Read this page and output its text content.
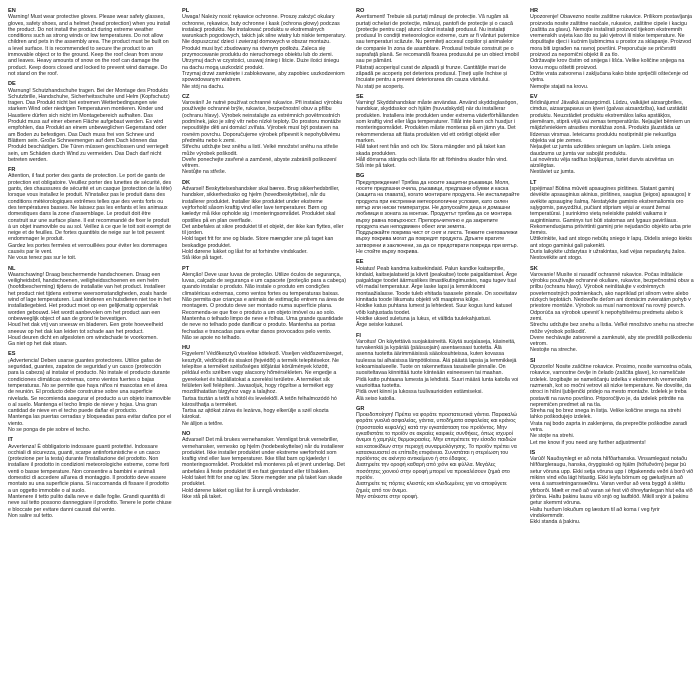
EN

Warning! Must wear protective gloves. Please wear safety glasses, gloves, safety shoes, and a helmet (head protection) when you install the product. Do not install the product during extreme weather conditions such as strong winds or low temperatures. Do not allow children and pets in the assembly area. The product must be built on a level surface. It is recommended to secure the product to an immovable object or to the ground. Keep the roof clean from snow and leaves. Heavy amounts of snow on the roof can damage the product. Keep doors closed and locked to prevent wind damage. Do not stand on the roof.

DE

Warnung! Schutzhandschuhe tragen. Bei der Montage des Produkts Schutzbrille, Handschuhe, Sicherheitsschuhe und Helm (Kopfschutz) tragen. Das Produkt nicht bei extremen Wetterbedingungen wie starkem Wind oder niedrigen Temperaturen montieren. Kinder und Haustiere dürfen sich nicht im Montagebereich aufhalten. Das Produkt muss auf einer ebenen Fläche aufgebaut werden. Es wird empfohlen, das Produkt an einem unbeweglichen Gegenstand oder am Boden zu befestigen. Das Dach muss frei von Schnee und Blättern sein. Große Schneemengen auf dem Dach können das Produkt beschädigen. Die Türen müssen geschlossen und verriegelt sein, um Schäden durch Wind zu vermeiden. Das Dach darf nicht betreten werden.

FR

Attention, il faut porter des gants de protection. Le port de gants de protection est obligatoire. Veuillez porter des lunettes de sécurité, des gants, des chaussures de sécurité et un casque (protection de la tête) lorsque vous installez le produit. N'installez pas le produit dans des conditions météorologiques extrêmes telles que des vents forts ou des températures basses. Ne laissez pas les enfants et les animaux domestiques dans la zone d'assemblage. Le produit doit être construit sur une surface plane. Il est recommandé de fixer le produit à un objet inamovible ou au sol. Veillez à ce que le toit soit exempt de neige et de feuilles. De fortes quantités de neige sur le toit peuvent endommager le produit.
Gardez les portes fermées et verrouillées pour éviter les dommages causés par le vent.
Ne vous tenez pas sur le toit.

NL

Waarschuwing! Draag beschermende handschoenen. Draag een veiligheidsbril, handschoenen, veiligheidsschoenen en een helm (hoofdbescherming) tijdens de installatie van het product. Installeer het product niet tijdens extreme weersomstandigheden, zoals harde wind of lage temperaturen. Laat kinderen en huisdieren niet toe in het installatiegebied. Het product moet op een gelijkmatig oppervlak worden gebouwd. Het wordt aanbevolen om het product aan een onbeweeglijk object of aan de grond te bevestigen.
Houd het dak vrij van sneeuw en bladeren. Een grote hoeveelheid sneeuw op het dak kan leiden tot schade aan het product.
Houd deuren dicht en afgesloten om windschade te voorkomen.
Ga niet op het dak staan.

ES

¡Advertencia! Deben usarse guantes protectores. Utilice gafas de seguridad, guantes, zapatos de seguridad y un casco (protección para la cabeza) al instalar el producto. No instale el producto durante condiciones climáticas extremas, como vientos fuertes o bajas temperaturas. No se permite que haya niños ni mascotas en el área de reunión. El producto debe construirse sobre una superficie nivelada. Se recomienda asegurar el producto a un objeto inamovible o al suelo. Mantenga el techo limpio de nieve y hojas. Una gran cantidad de nieve en el techo puede dañar el producto.
Mantenga las puertas cerradas y bloqueadas para evitar daños por el viento.
No se ponga de pie sobre el techo.

IT

Avvertenza! È obbligatorio indossare guanti protettivi. Indossare occhiali di sicurezza, guanti, scarpe antinfortunistiche e un casco (protezione per la testa) durante l'installazione del prodotto. Non installare il prodotto in condizioni meteorologiche estreme, come forti venti o basse temperature. Non consentire a bambini e animali domestici di accedere all'area di montaggio. Il prodotto deve essere montato su una superficie piana. Si raccomanda di fissare il prodotto a un oggetto immobile o al suolo.
Mantenere il tetto pulito dalla neve e dalle foglie. Grandi quantità di neve sul tetto possono danneggiare il prodotto. Tenere le porte chiuse e bloccate per evitare danni causati dal vento.
Non salire sul tetto.

PL

Uwaga! Należy nosić rękawice ochronne. Proszę założyć okulary ochronne, rękawice, buty ochronne i kask (ochrona głowy) podczas instalacji produktu. Nie instalować produktu w ekstremalnych warunkach pogodowych, takich jak silne wiatry lub niskie temperatury. Nie dopuszczać dzieci i zwierząt domowych w obszar montażu. Produkt musi być zbudowany na równym podłożu. Zaleca się przymocowanie produktu do nieruchomego obiektu lub do ziemi.
Utrzymuj dach w czystości, usuwaj śnieg i liście. Duże ilości śniegu na dachu mogą uszkodzić produkt.
Trzymaj drzwi zamknięte i zablokowane, aby zapobiec uszkodzeniom spowodowanym wiatrem.
Nie stój na dachu.

CZ

Varování! Je nutné používat ochranné rukavice. Při instalaci výrobku používejte ochranné brýle, rukavice, bezpečnostní obuv a přilbu (ochranu hlavy). Výrobek neinstalujte za extrémních povětrnostních podmínek, jako je silný vítr nebo nízké teploty. Do prostoru montáže nepouštějte děti ani domácí zvířata. Výrobek musí být postaven na rovném povrchu. Doporučujeme výrobek připevnit k nepohyblivému předmětu nebo k zemi.
Střechu udržujte bez sněhu a listí. Velké množství sněhu na střeše může výrobek poškodit.
Dveře ponechejte zavřené a zamčené, abyste zabránili poškození větrem.
Nestůjte na střeše.

DK

Advarsel! Beskyttelseshandsker skal bæres. Brug sikkerhedsbriller, handsker, sikkerhedssko og hjelm (hovedbeskyttelse), når du installerer produktet. Installer ikke produktet under ekstreme vejrforhold såsom kraftig vind eller lave temperaturer. Børn og kæledyr må ikke opholde sig i monteringsområdet. Produktet skal opstilles på en plan overflade.
Det anbefales at sikre produktet til et objekt, der ikke kan flyttes, eller til jorden.
Hold taget frit for sne og blade. Store mængder sne på taget kan beskadige produktet.
Hold dørene lukket og låst for at forhindre vindskader.
Stå ikke på taget.

PT

Atenção! Deve usar luvas de proteção. Utilize óculos de segurança, luvas, calçado de segurança e um capacete (proteção para a cabeça) quando instalar o produto. Não instale o produto em condições climatéricas extremas, como ventos fortes ou temperaturas baixas. Não permita que crianças e animais de estimação entrem na área de montagem. O produto deve ser montado numa superfície plana. Recomenda-se que fixe o produto a um objeto imóvel ou ao solo.
Mantenha o telhado limpo de neve e folhas. Uma grande quantidade de neve no telhado pode danificar o produto. Mantenha as portas fechadas e trancadas para evitar danos provocados pelo vento.
Não se apoie no telhado.

HU

Figyelem! Védőkesztyű viselése kötelező. Viseljen védőszemüveget, kesztyűt, védőcipőt és sisakot (fejvédőt) a termék telepítésekor. Ne telepítse a terméket szélsőséges időjárási körülmények között, például erős szélben vagy alacsony hőmérsékleten. Ne engedje a gyerekeket és háziállatokat a szerelési területre. A terméket sík felületen kell felépíteni. Javasoljuk, hogy rögzítse a terméket egy mozdíthatatlan tárgyhoz vagy a talajhoz.
Tartsa tisztán a tetőt a hótól és levelektől. A tetőn felhalmozódó hó károsíthatja a terméket.
Tartsa az ajtókat zárva és lezárva, hogy elkerülje a szél okozta károkat.
Ne álljon a tetőre.

NO

Advarsel! Det må brukes vernehansker. Vennligst bruk vernebriller, vernehansker, vernesko og hjelm (hodebeskyttelse) når du installerer produktet. Ikke installer produktet under ekstreme værforhold som kraftig vind eller lave temperaturer. Ikke tillat barn og kjæledyr i monteringsområdet. Produktet må monteres på et jevnt underlag. Det anbefales å feste produktet til en fast gjenstand eller til bakken.
Hold taket fritt for snø og løv. Store mengder snø på taket kan skade produktet.
Hold dørene lukket og låst for å unngå vindskader.
Ikke stå på taket.

RO

Avertisment! Trebuie să purtați mănuși de protecție. Vă rugăm să purtați ochelari de protecție, mănuși, pantofi de protecție și o cască (protecție pentru cap) atunci când instalați produsul. Nu instalați produsul în condiții meteorologice extreme, cum ar fi vânturi puternice sau temperaturi scăzute. Nu permiteți accesul copiilor și animalelor de companie în zona de asamblare. Produsul trebuie construit pe o suprafață plană. Se recomandă fixarea produsului pe un obiect imobil sau pe pământ.
Păstrați acoperișul curat de zăpadă și frunze. Cantitățile mari de zăpadă pe acoperiș pot deteriora produsul. Țineți ușile închise și încuiate pentru a preveni deteriorarea din cauza vântului.
Nu stați pe acoperiș.

SE

Varning! Skyddshandskar måste användas. Använd skyddsglasögon, handskar, skyddsskor och hjälm (huvudskydd) när du installerar produkten. Installera inte produkten under extrema väderförhållanden som kraftig vind eller låga temperaturer. Tillåt inte barn och husdjur i monteringsområdet. Produkten måste monteras på en jämn yta. Det rekommenderas att fästa produkten vid ett orörligt objekt eller marken.
Håll taket rent från snö och löv. Stora mängder snö på taket kan skada produkten.
Håll dörrarna stängda och låsta för att förhindra skador från vind.
Stå inte på taket.

BG

Предупреждение! Трябва да носите защитни ръкавици. Моля, носете предпазни очила, ръкавици, предпазни обувки и каска (защита на главата), когато монтирате продукта. Не инсталирайте продукта при екстремни метеорологични условия, като силен вятър или ниски температури. Не допускайте деца и домашни любимци в зоната за монтаж. Продуктът трябва да се монтира върху равна повърхност. Препоръчително е да закрепите продукта към неподвижен обект или земята.
Поддържайте покрива чист от сняг и листа. Тежките снеговалежи върху покрива могат да повредят продукта. Дръжте вратите затворени и заключени, за да се предотврати повреда при вятър.
Не стойте върху покрива.

EE

Hoiatus! Peab kandma kaitsekindaid. Palun kandke kaitseprille, kindaid, kaitsejalatseid ja kiivrit (peakaitse) toote paigaldamisel. Ärge paigaldage toodet äärmuslikes ilmastikutingimustes, nagu tugev tuul või madal temperatuur. Ärge laske lapsi ja lemmikloomi montaažialasse. Toode tuleb ehitada tasasele pinnale. On soovitatav kinnitada toode liikumatu objekti või maapinna külge.
Hoidke katus puhtana lumest ja lehtedest. Suur kogus lund katusel võib kahjustada toodet.
Hoidke uksed suletuna ja lukus, et vältida tuulekahjustusi.
Ärge seiske katusel.

FI

Varoitus! On käytettävä suojakäsineitä. Käytä suojalaseja, käsineitä, turvakenkiä ja kypärää (pääsuojain) asentaessasi tuotetta. Älä asenna tuotetta äärimmäisissä sääolosuhteissa, kuten kovassa tuulessa tai alhaisissa lämpötiloissa. Älä päästä lapsia ja lemmikkejä kokoamisalueelle. Tuote on rakennettava tasaiselle pinnalle. On suositeltavaa kiinnittää tuote kiinteään esineeseen tai maahan.
Pidä katto puhtaana lumesta ja lehdistä. Suuri määrä lunta katolla voi vaurioittaa tuotetta.
Pidä ovet kiinni ja lukossa tuulivaurioiden estämiseksi.
Älä seiso katolla.

GR

Προειδοποίηση! Πρέπει να φοράτε προστατευτικά γάντια. Παρακαλώ φοράτε γυαλιά ασφαλείας, γάντια, υποδήματα ασφαλείας και κράνος (προστασία κεφαλής) κατά την εγκατάσταση του προϊόντος. Μην εγκαθιστάτε το προϊόν σε ακραίες καιρικές συνθήκες, όπως ισχυροί άνεμοι ή χαμηλές θερμοκρασίες. Μην επιτρέπετε την είσοδο παιδιών και κατοικίδιων στην περιοχή συναρμολόγησης. Το προϊόν πρέπει να κατασκευαστεί σε επίπεδη επιφάνεια. Συνιστάται η στερέωση του προϊόντος σε ακίνητο αντικείμενο ή στο έδαφος.
Διατηρείτε την οροφή καθαρή από χιόνι και φύλλα. Μεγάλες ποσότητες χιονιού στην οροφή μπορεί να προκαλέσουν ζημιά στο προϊόν.
Διατηρείτε τις πόρτες κλειστές και κλειδωμένες για να αποφύγετε ζημιές από τον άνεμο.
Μην στέκεστε στην οροφή.

HR

Upozorenje! Obavezno nosite zaštitne rukavice. Prilikom postavljanja proizvoda nosite zaštitne naočale, rukavice, zaštitne cipele i kacigu (zaštita za glavu). Nemojte instalirati proizvod tijekom ekstremnih vremenskih uvjeta kao što su jaki vjetrovi ili niske temperature. Ne dopuštajte djeci i kućnim ljubimcima u prostor za sklapanje. Proizvod mora biti izgrađen na ravnoj površini. Preporučuje se pričvrstiti proizvod za nepomični objekt ili za tlo.
Održavajte krov čistim od snijega i lišća. Velike količine snijega na krovu mogu oštetiti proizvod.
Držite vrata zatvorena i zaključana kako biste spriječili oštećenje od vjetra.
Nemojte stajati na krovu.

EV

Brīdinājums! Jāvalkā aizsargcimdi. Lūdzu, valkājiet aizsargbrilles, cimdus, aizsargapavus un ķiveri (galvas aizsardzība), kad uzstādāt produktu. Neuzstādiet produktu ekstremālos laika apstākļos, piemēram, stiprā vējā vai zemas temperatūrās. Neļaujiet bērniem un mājdzīvniekiem atrasties montāžas zonā. Produkts jāuzstāda uz līdzenas virsmas. Ieteicams produktu nostiprināt pie nekustīga objekta vai pie zemes.
Neļaujiet uz jumta uzkrāties sniegam un lapām. Liels sniega daudzums uz jumta var sabojāt produktu.
Lai novērstu vēja radītus bojājumus, turiet durvis aizvērtas un aizslēgtas.
Nestāviet uz jumta.

LT

Įspėjimas! Būtina mūvėti apsaugines pirštines. Statant gaminį dėvėkite apsauginius akinius, pirštines, saugius (įeigos) apsaugos) ir avėkite apsauginę šalmą. Nestatykite gaminio ekstremaliomis oro sąlygomis, pavyzdžiui, pučiant stipriam vėjui ar esant žemai temperatūrai. Į surinkimo vietą neleiskite patekti vaikams ir augintiniams. Gaminys turi būti statomas ant lygaus paviršiaus. Rekomenduojama pritvirtinti gaminį prie nejudančio objekto arba prie žemės.
Užtikrinkite, kad ant stogo nebūtų sniego ir lapų. Didelis sniego kiekis ant stogo gaminiui gali pakenkti.
Duris laikykite uždarytas ir užrakintas, kad vėjas nepadarytų žalos.
Nestovėkite ant stogo.

SK

Varovanie! Musíte si nasadiť ochranné rukavice. Počas inštalácie výrobku používajte ochranné okuliare, rukavice, bezpečnostnú obuv a prilbu (ochranu hlavy). Výrobok neinštalujte v extrémnych poveternostných podmienkach, ako napríklad pri silnom vetre alebo nízkych teplotách. Nedovoľte deťom ani domácim zvieratám pohyb v priestore montáže. Výrobok sa musí namontovať na rovný povrch. Odporúča sa výrobok upevniť k nepohyblivému predmetu alebo k zemi.
Strechu udržujte bez snehu a lístia. Veľké množstvo snehu na streche môže výrobok poškodiť.
Dvere nechávajte zatvorené a zamknuté, aby ste predišli poškodeniu vetrom.
Nestojte na streche.

SI

Opozorilo! Nosite zaščitne rokavice. Prosimo, nosite varnostna očala, rokavice, varnostne čevlje in čelado (zaščita glave), ko nameščate izdelek. Izogibajte se nameščanju izdelka v ekstremnih vremenskih razmerah, kot so močni vetrovi ali nizke temperature. Ne dovolite, da otroci in hišni ljubljenčki pridejo na mesto montaže. Izdelek je treba postaviti na ravno površino. Priporočljivo je, da izdelek pritrdite na nepremičen predmet ali na tla.
Streha naj bo brez snega in listja. Velike količine snega na strehi lahko poškodujejo izdelek.
Vrata naj bodo zaprta in zaklenjena, da preprečite poškodbe zaradi vetra.
Ne stojte na strehi.
Let me know if you need any further adjustments!

IS

Varúð! Nauðsynlegt er að nota hlífðarhanska. Vinsamlegast notaðu hlífðargleraugu, hanska, öryggisskó og hjálm (höfuðvörn) þegar þú setur vöruna upp. Ekki setja vöruna upp í öfgakenndu veðri á borð við mikinn vind eða lágt hitastig. Ekki leyfa börnum og gæludýrum að vera á samsetningarsvæðinu. Varan verður að vera byggð á sléttu yfirborði. Mælt er með að varan sé fest við óhreyfanlegan hlut eða við jörðina. Haltu þakinu lausu við snjó og laufblöð. Mikill snjór á þakinu getur skemmt vöruna.
Haltu hurðum lokuðum og læstum til að koma í veg fyrir vindskemmdir.
Ekki standa á þakinu.
